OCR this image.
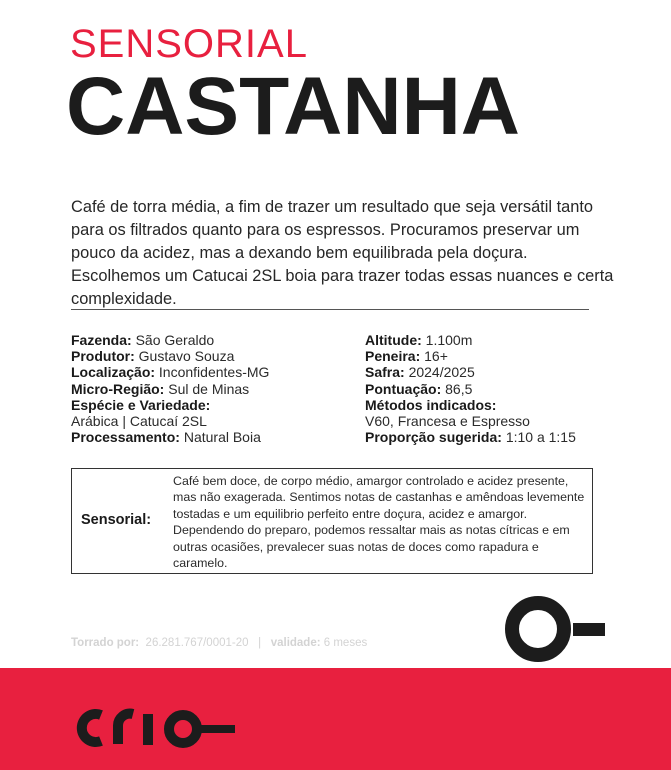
SENSORIAL
CASTANHA
Café de torra média, a fim de trazer um resultado que seja versátil tanto para os filtrados quanto para os espressos. Procuramos preservar um pouco da acidez, mas a dexando bem equilibrada pela doçura. Escolhemos um Catucai 2SL boia para trazer todas essas nuances e certa complexidade.
Fazenda: São Geraldo
Produtor: Gustavo Souza
Localização: Inconfidentes-MG
Micro-Região: Sul de Minas
Espécie e Variedade:
Arábica | Catucaí 2SL
Processamento: Natural Boia
Altitude: 1.100m
Peneira: 16+
Safra: 2024/2025
Pontuação: 86,5
Métodos indicados:
V60, Francesa e Espresso
Proporção sugerida: 1:10 a 1:15
Sensorial:
Café bem doce, de corpo médio, amargor controlado e acidez presente, mas não exagerada. Sentimos notas de castanhas e amêndoas levemente tostadas e um equilibrio perfeito entre doçura, acidez e amargor. Dependendo do preparo, podemos ressaltar mais as notas cítricas e em outras ocasiões, prevalecer suas notas de doces como rapadura e caramelo.
Torrado por: 26.281.767/0001-20 | validade: 6 meses
